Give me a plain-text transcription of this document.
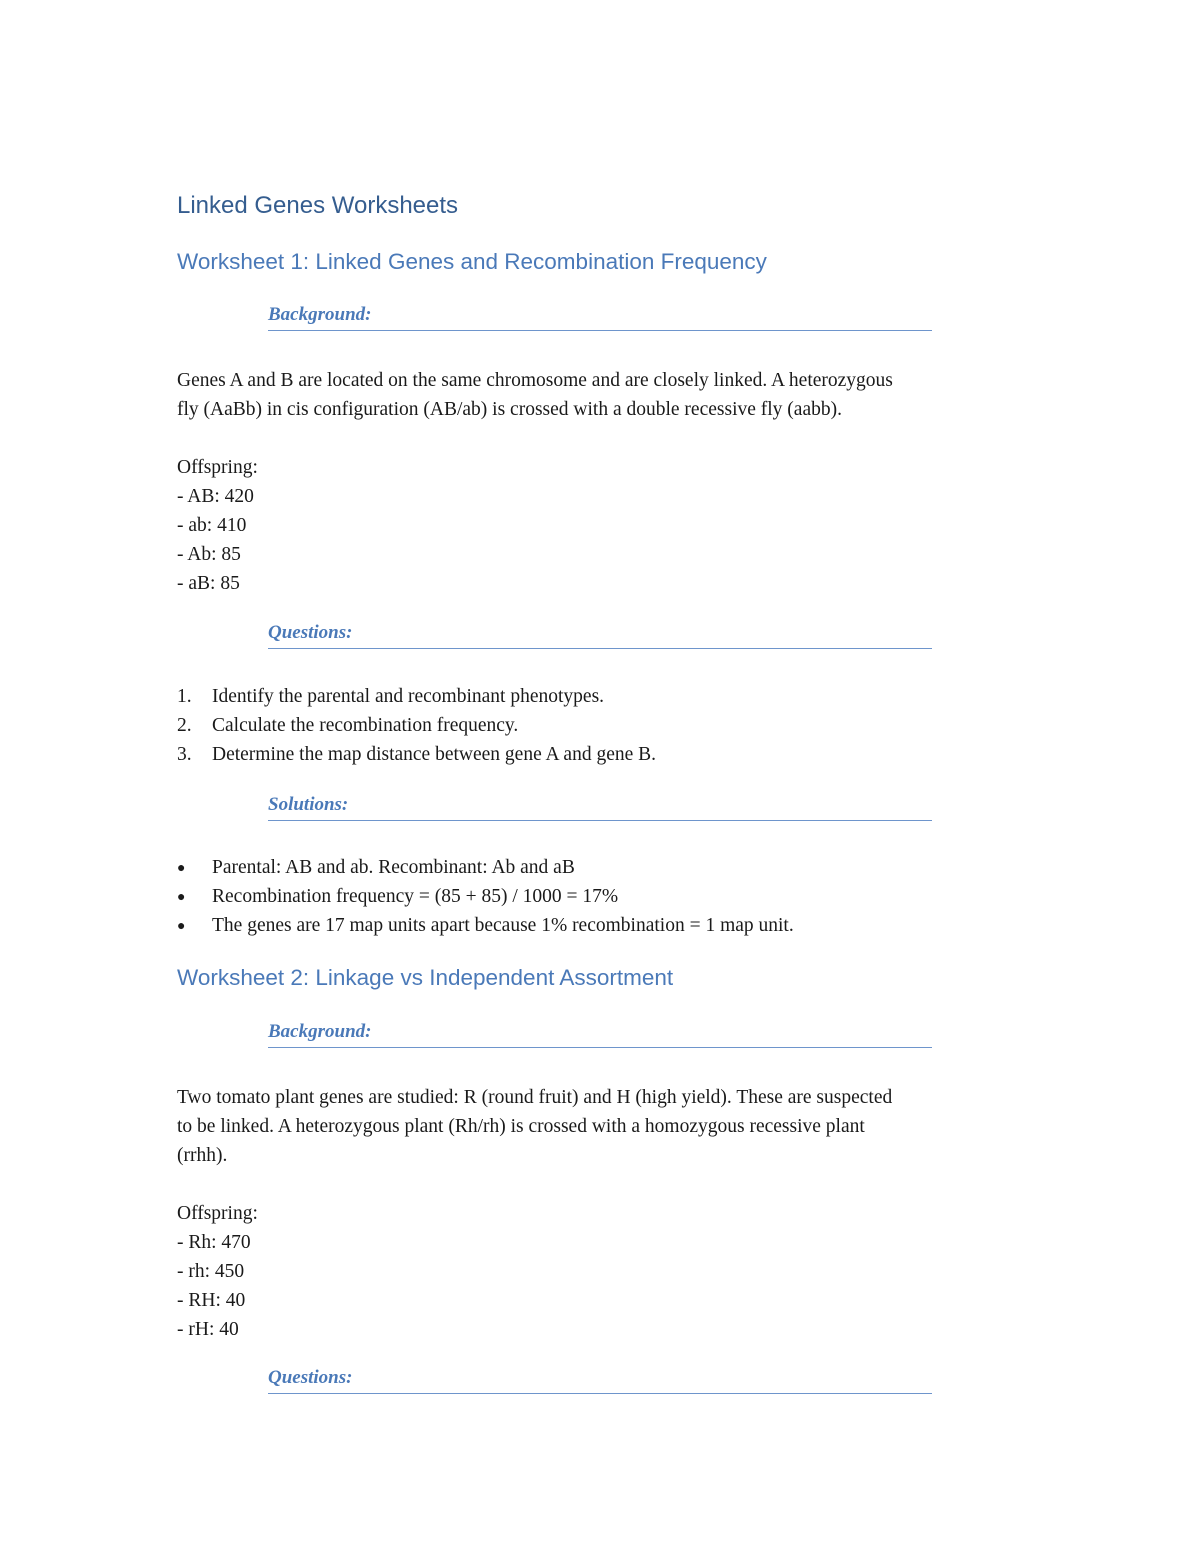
Linked Genes Worksheets
Worksheet 1: Linked Genes and Recombination Frequency
Background:
Genes A and B are located on the same chromosome and are closely linked. A heterozygous
fly (AaBb) in cis configuration (AB/ab) is crossed with a double recessive fly (aabb).
Offspring:
- AB: 420
- ab: 410
- Ab: 85
- aB: 85
Questions:
1. Identify the parental and recombinant phenotypes.
2. Calculate the recombination frequency.
3. Determine the map distance between gene A and gene B.
Solutions:
● Parental: AB and ab. Recombinant: Ab and aB
● Recombination frequency = (85 + 85) / 1000 = 17%
● The genes are 17 map units apart because 1% recombination = 1 map unit.
Worksheet 2: Linkage vs Independent Assortment
Background:
Two tomato plant genes are studied: R (round fruit) and H (high yield). These are suspected
to be linked. A heterozygous plant (Rh/rh) is crossed with a homozygous recessive plant
(rrhh).
Offspring:
- Rh: 470
- rh: 450
- RH: 40
- rH: 40
Questions:
